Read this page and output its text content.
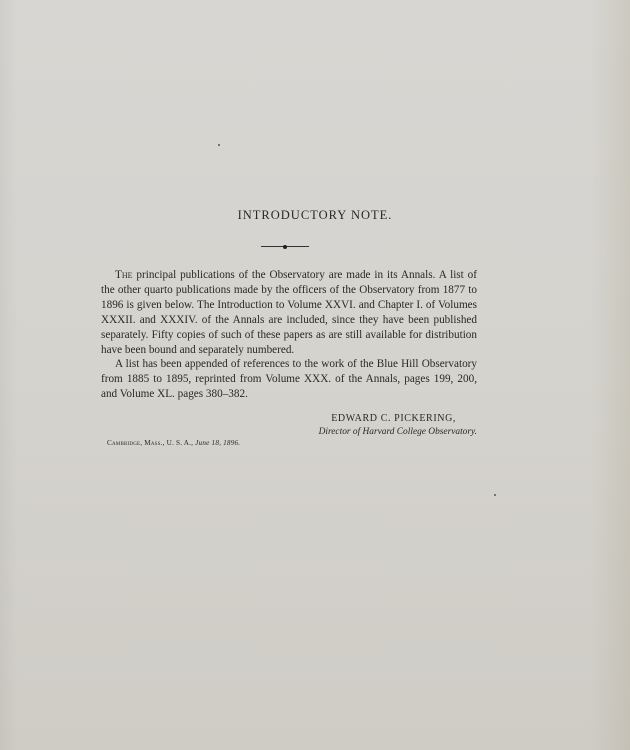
INTRODUCTORY NOTE.

The principal publications of the Observatory are made in its Annals. A list of the other quarto publications made by the officers of the Observatory from 1877 to 1896 is given below. The Introduction to Volume XXVI. and Chapter I. of Volumes XXXII. and XXXIV. of the Annals are included, since they have been published separately. Fifty copies of such of these papers as are still available for distribution have been bound and separately numbered.

A list has been appended of references to the work of the Blue Hill Observatory from 1885 to 1895, reprinted from Volume XXX. of the Annals, pages 199, 200, and Volume XL. pages 380–382.

EDWARD C. PICKERING,
Director of Harvard College Observatory.
Cambridge, Mass., U. S. A., June 18, 1896.
